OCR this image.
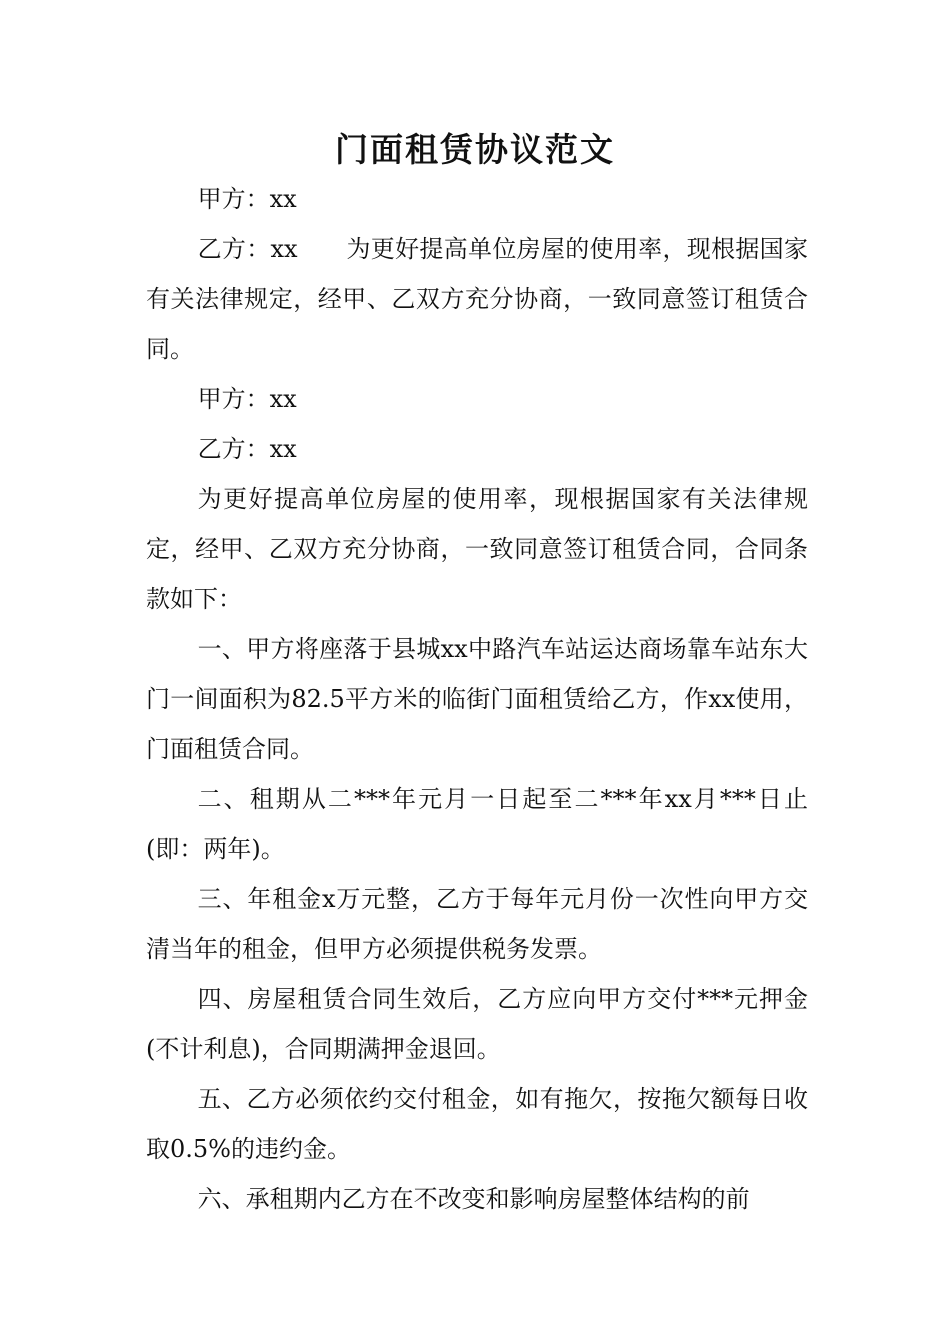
门面租赁协议范文

甲方：xx

乙方：xx　　为更好提高单位房屋的使用率，现根据国家有关法律规定，经甲、乙双方充分协商，一致同意签订租赁合同。

甲方：xx

乙方：xx

为更好提高单位房屋的使用率，现根据国家有关法律规定，经甲、乙双方充分协商，一致同意签订租赁合同，合同条款如下：

一、甲方将座落于县城xx中路汽车站运达商场靠车站东大门一间面积为82.5平方米的临街门面租赁给乙方，作xx使用，门面租赁合同。

二、租期从二***年元月一日起至二***年xx月***日止(即：两年)。

三、年租金x万元整，乙方于每年元月份一次性向甲方交清当年的租金，但甲方必须提供税务发票。

四、房屋租赁合同生效后，乙方应向甲方交付***元押金(不计利息)，合同期满押金退回。

五、乙方必须依约交付租金，如有拖欠，按拖欠额每日收取0.5%的违约金。

六、承租期内乙方在不改变和影响房屋整体结构的前
